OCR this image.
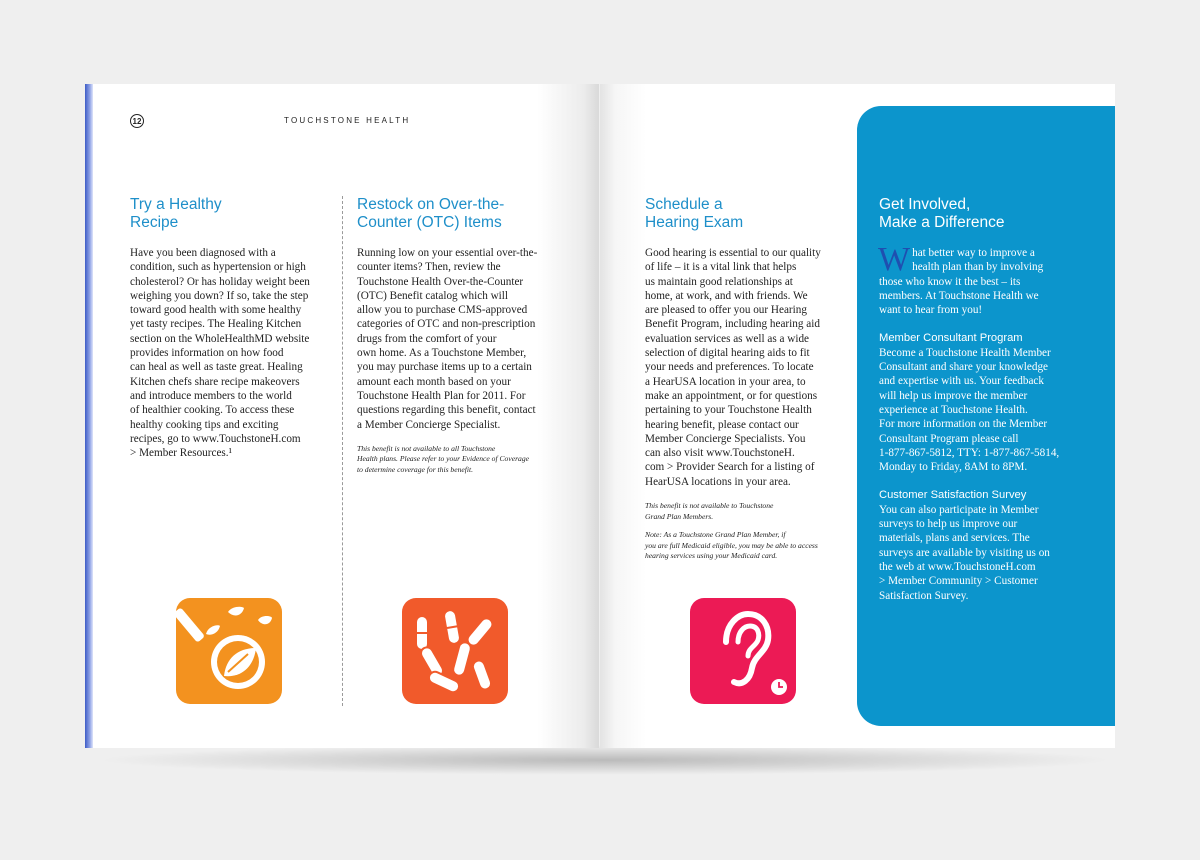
12	TOUCHSTONE HEALTH
Try a Healthy
Recipe

Have you been diagnosed with a
condition, such as hypertension or high
cholesterol? Or has holiday weight been
weighing you down? If so, take the step
toward good health with some healthy
yet tasty recipes. The Healing Kitchen
section on the WholeHealthMD website
provides information on how food
can heal as well as taste great. Healing
Kitchen chefs share recipe makeovers
and introduce members to the world
of healthier cooking. To access these
healthy cooking tips and exciting
recipes, go to www.TouchstoneH.com
> Member Resources.¹

Restock on Over-the-
Counter (OTC) Items

Running low on your essential over-the-
counter items? Then, review the
Touchstone Health Over-the-Counter
(OTC) Benefit catalog which will
allow you to purchase CMS-approved
categories of OTC and non-prescription
drugs from the comfort of your
own home. As a Touchstone Member,
you may purchase items up to a certain
amount each month based on your
Touchstone Health Plan for 2011. For
questions regarding this benefit, contact
a Member Concierge Specialist.

This benefit is not available to all Touchstone
Health plans. Please refer to your Evidence of Coverage
to determine coverage for this benefit.
Schedule a
Hearing Exam

Good hearing is essential to our quality
of life – it is a vital link that helps
us maintain good relationships at
home, at work, and with friends. We
are pleased to offer you our Hearing
Benefit Program, including hearing aid
evaluation services as well as a wide
selection of digital hearing aids to fit
your needs and preferences. To locate
a HearUSA location in your area, to
make an appointment, or for questions
pertaining to your Touchstone Health
hearing benefit, please contact our
Member Concierge Specialists. You
can also visit www.TouchstoneH.
com > Provider Search for a listing of
HearUSA locations in your area.

This benefit is not available to Touchstone
Grand Plan Members.
Note: As a Touchstone Grand Plan Member, if
you are full Medicaid eligible, you may be able to access
hearing services using your Medicaid card.
Get Involved,
Make a Difference

W hat better way to improve a
health plan than by involving
those who know it the best – its
members. At Touchstone Health we
want to hear from you!

Member Consultant Program

Become a Touchstone Health Member
Consultant and share your knowledge
and expertise with us. Your feedback
will help us improve the member
experience at Touchstone Health.
For more information on the Member
Consultant Program please call
1-877-867-5812, TTY: 1-877-867-5814,
Monday to Friday, 8AM to 8PM.

Customer Satisfaction Survey

You can also participate in Member
surveys to help us improve our
materials, plans and services. The
surveys are available by visiting us on
the web at www.TouchstoneH.com
> Member Community > Customer
Satisfaction Survey.
